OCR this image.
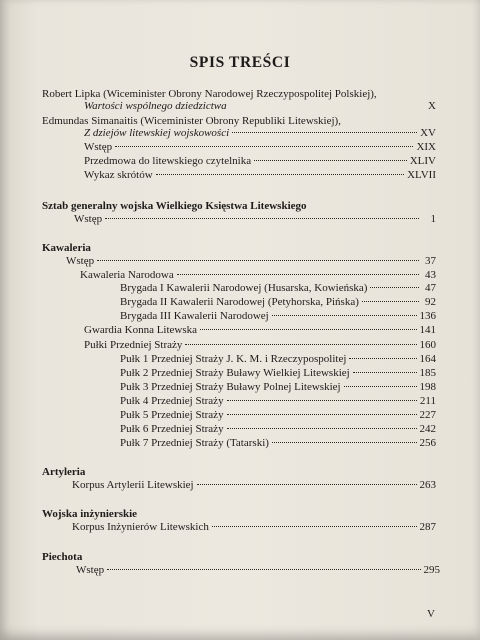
SPIS TREŚCI
Robert Lipka (Wiceminister Obrony Narodowej Rzeczypospolitej Polskiej),
Wartości wspólnego dziedzictwa	X
Edmundas Simanaitis (Wiceminister Obrony Republiki Litewskiej),
Z dziejów litewskiej wojskowości	XV
Wstęp	XIX
Przedmowa do litewskiego czytelnika	XLIV
Wykaz skrótów	XLVII
Sztab generalny wojska Wielkiego Księstwa Litewskiego
Wstęp	1
Kawaleria
Wstęp	37
Kawaleria Narodowa	43
Brygada I Kawalerii Narodowej (Husarska, Kowieńska)	47
Brygada II Kawalerii Narodowej (Petyhorska, Pińska)	92
Brygada III Kawalerii Narodowej	136
Gwardia Konna Litewska	141
Pułki Przedniej Straży	160
Pułk 1 Przedniej Straży J. K. M. i Rzeczypospolitej	164
Pułk 2 Przedniej Straży Buławy Wielkiej Litewskiej	185
Pułk 3 Przedniej Straży Buławy Polnej Litewskiej	198
Pułk 4 Przedniej Straży	211
Pułk 5 Przedniej Straży	227
Pułk 6 Przedniej Straży	242
Pułk 7 Przedniej Straży (Tatarski)	256
Artyleria
Korpus Artylerii Litewskiej	263
Wojska inżynierskie
Korpus Inżynierów Litewskich	287
Piechota
Wstęp	295
V
